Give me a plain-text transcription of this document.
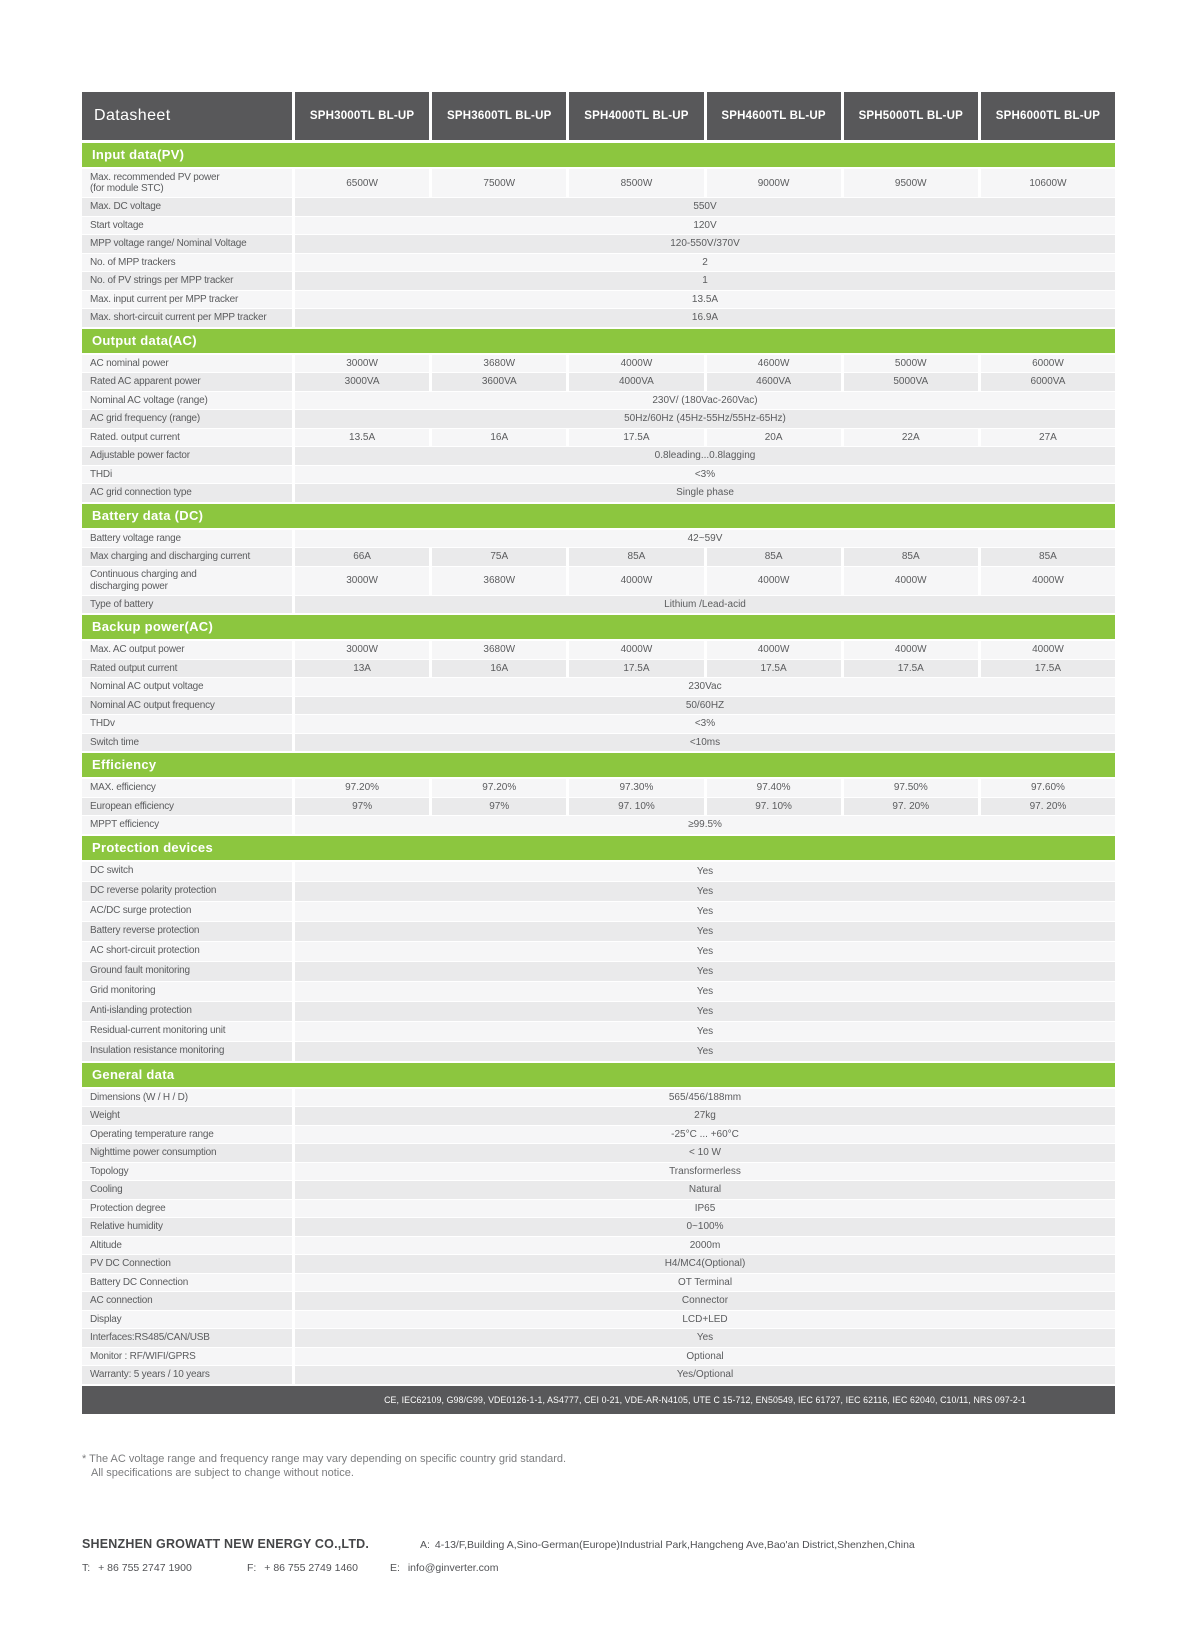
Datasheet	SPH3000TL BL-UP	SPH3600TL BL-UP	SPH4000TL BL-UP	SPH4600TL BL-UP	SPH5000TL BL-UP	SPH6000TL BL-UP
Input data(PV)
Max. recommended PV power
(for module STC)	6500W	7500W	8500W	9000W	9500W	10600W
Max. DC voltage	550V
Start voltage	120V
MPP voltage range/ Nominal Voltage	120-550V/370V
No. of MPP trackers	2
No. of PV strings per MPP tracker	1
Max. input current per MPP tracker	13.5A
Max. short-circuit current per MPP tracker	16.9A
Output data(AC)
AC nominal power	3000W	3680W	4000W	4600W	5000W	6000W
Rated AC apparent power	3000VA	3600VA	4000VA	4600VA	5000VA	6000VA
Nominal AC voltage (range)	230V/ (180Vac-260Vac)
AC grid frequency (range)	50Hz/60Hz (45Hz-55Hz/55Hz-65Hz)
Rated. output current	13.5A	16A	17.5A	20A	22A	27A
Adjustable power factor	0.8leading...0.8lagging
THDi	<3%
AC grid connection type	Single phase
Battery data (DC)
Battery voltage range	42~59V
Max charging and discharging current	66A	75A	85A	85A	85A	85A
Continuous charging and
discharging power	3000W	3680W	4000W	4000W	4000W	4000W
Type of battery	Lithium /Lead-acid
Backup power(AC)
Max. AC output power	3000W	3680W	4000W	4000W	4000W	4000W
Rated output current	13A	16A	17.5A	17.5A	17.5A	17.5A
Nominal AC output voltage	230Vac
Nominal AC output frequency	50/60HZ
THDv	<3%
Switch time	<10ms
Efficiency
MAX. efficiency	97.20%	97.20%	97.30%	97.40%	97.50%	97.60%
European efficiency	97%	97%	97. 10%	97. 10%	97. 20%	97. 20%
MPPT efficiency	≥99.5%
Protection devices
DC switch	Yes
DC reverse polarity protection	Yes
AC/DC surge protection	Yes
Battery reverse protection	Yes
AC short-circuit protection	Yes
Ground fault monitoring	Yes
Grid monitoring	Yes
Anti-islanding protection	Yes
Residual-current monitoring unit	Yes
Insulation resistance monitoring	Yes
General data
Dimensions (W / H / D)	565/456/188mm
Weight	27kg
Operating temperature range	-25°C ... +60°C
Nighttime power consumption	< 10 W
Topology	Transformerless
Cooling	Natural
Protection degree	IP65
Relative humidity	0~100%
Altitude	2000m
PV DC Connection	H4/MC4(Optional)
Battery DC Connection	OT Terminal
AC connection	Connector
Display	LCD+LED
Interfaces:RS485/CAN/USB	Yes
Monitor : RF/WIFI/GPRS	Optional
Warranty: 5 years / 10 years	Yes/Optional
CE, IEC62109, G98/G99, VDE0126-1-1, AS4777, CEI 0-21, VDE-AR-N4105, UTE C 15-712, EN50549, IEC 61727, IEC 62116, IEC 62040, C10/11, NRS 097-2-1
* The AC voltage range and frequency range may vary depending on specific country grid standard.
All specifications are subject to change without notice.
SHENZHEN GROWATT NEW ENERGY CO.,LTD.	A: 4-13/F,Building A,Sino-German(Europe)Industrial Park,Hangcheng Ave,Bao'an District,Shenzhen,China
T: + 86 755 2747 1900	F: + 86 755 2749 1460	E: info@ginverter.com
